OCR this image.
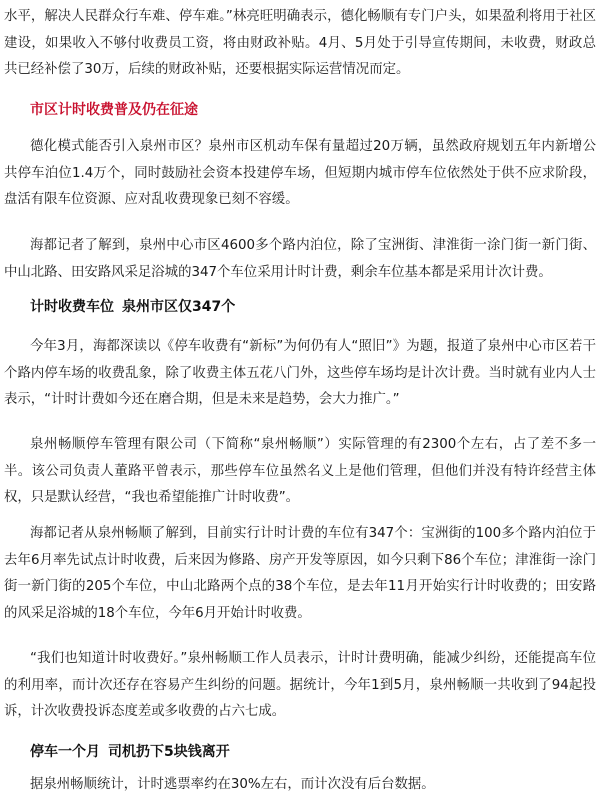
水平，解决人民群众行车难、停车难。”林亮旺明确表示，德化畅顺有专门户头，如果盈利将用于社区建设，如果收入不够付收费员工资，将由财政补贴。4月、5月处于引导宣传期间，未收费，财政总共已经补偿了30万，后续的财政补贴，还要根据实际运营情况而定。

市区计时收费普及仍在征途

德化模式能否引入泉州市区？泉州市区机动车保有量超过20万辆，虽然政府规划五年内新增公共停车泊位1.4万个，同时鼓励社会资本投建停车场，但短期内城市停车位依然处于供不应求阶段，盘活有限车位资源、应对乱收费现象已刻不容缓。

海都记者了解到，泉州中心市区4600多个路内泊位，除了宝洲街、津淮街一涂门街一新门街、中山北路、田安路风采足浴城的347个车位采用计时计费，剩余车位基本都是采用计次计费。

计时收费车位 泉州市区仅347个

今年3月，海都深读以《停车收费有“新标”为何仍有人“照旧”》为题，报道了泉州中心市区若干个路内停车场的收费乱象，除了收费主体五花八门外，这些停车场均是计次计费。当时就有业内人士表示，“计时计费如今还在磨合期，但是未来是趋势，会大力推广。”

泉州畅顺停车管理有限公司（下简称“泉州畅顺”）实际管理的有2300个左右，占了差不多一半。该公司负责人董路平曾表示，那些停车位虽然名义上是他们管理，但他们并没有特许经营主体权，只是默认经营，“我也希望能推广计时收费”。

海都记者从泉州畅顺了解到，目前实行计时计费的车位有347个：宝洲街的100多个路内泊位于去年6月率先试点计时收费，后来因为修路、房产开发等原因，如今只剩下86个车位；津淮街一涂门街一新门街的205个车位，中山北路两个点的38个车位，是去年11月开始实行计时收费的；田安路的风采足浴城的18个车位，今年6月开始计时收费。

“我们也知道计时收费好。”泉州畅顺工作人员表示，计时计费明确，能减少纠纷，还能提高车位的利用率，而计次还存在容易产生纠纷的问题。据统计，今年1到5月，泉州畅顺一共收到了94起投诉，计次收费投诉态度差或多收费的占六七成。

停车一个月 司机扔下5块钱离开

据泉州畅顺统计，计时逃票率约在30%左右，而计次没有后台数据。
